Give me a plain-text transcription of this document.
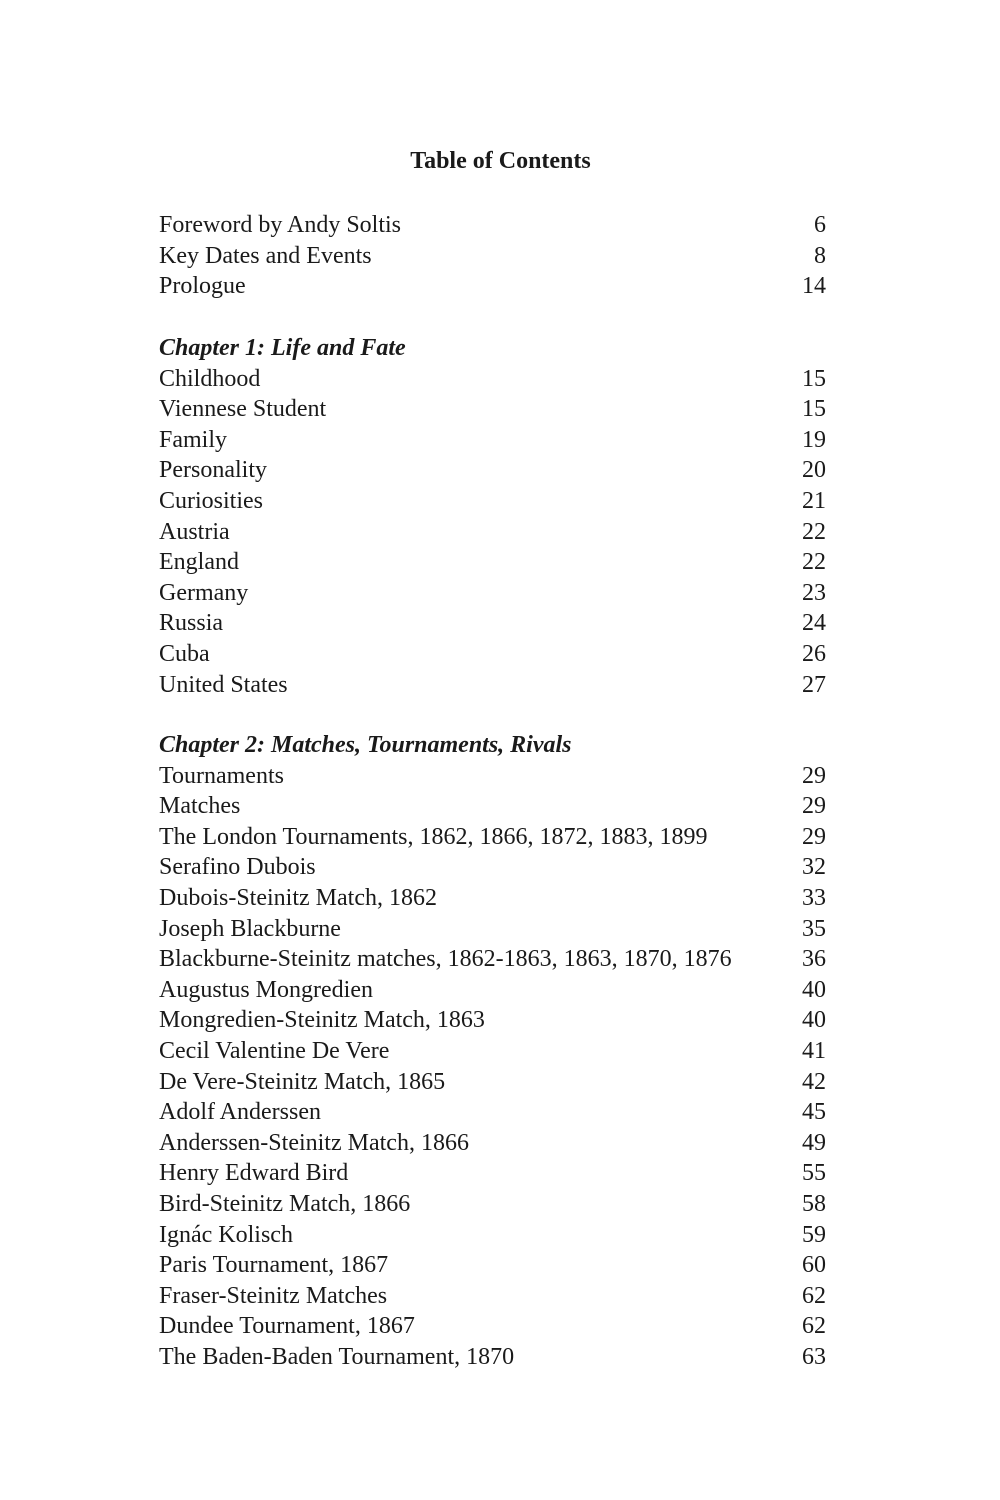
Table of Contents
Foreword by Andy Soltis	6
Key Dates and Events	8
Prologue	14
Chapter 1: Life and Fate
Childhood	15
Viennese Student	15
Family	19
Personality	20
Curiosities	21
Austria	22
England	22
Germany	23
Russia	24
Cuba	26
United States	27
Chapter 2: Matches, Tournaments, Rivals
Tournaments	29
Matches	29
The London Tournaments, 1862, 1866, 1872, 1883, 1899	29
Serafino Dubois	32
Dubois-Steinitz Match, 1862	33
Joseph Blackburne	35
Blackburne-Steinitz matches, 1862-1863, 1863, 1870, 1876	36
Augustus Mongredien	40
Mongredien-Steinitz Match, 1863	40
Cecil Valentine De Vere	41
De Vere-Steinitz Match, 1865	42
Adolf Anderssen	45
Anderssen-Steinitz Match, 1866	49
Henry Edward Bird	55
Bird-Steinitz Match, 1866	58
Ignác Kolisch	59
Paris Tournament, 1867	60
Fraser-Steinitz Matches	62
Dundee Tournament, 1867	62
The Baden-Baden Tournament, 1870	63
